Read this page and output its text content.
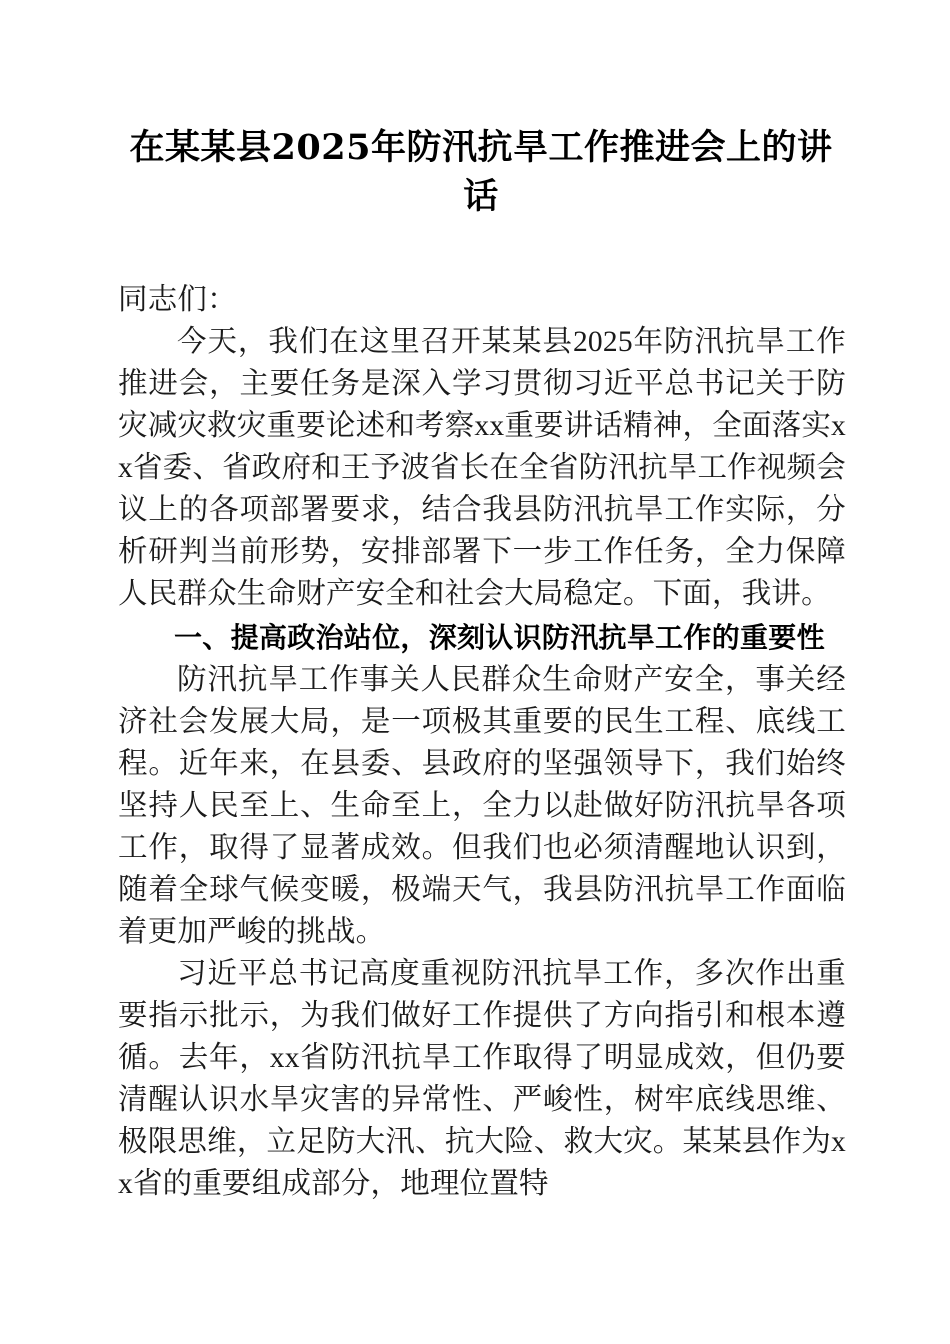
在某某县2025年防汛抗旱工作推进会上的讲话

同志们：

今天，我们在这里召开某某县2025年防汛抗旱工作推进会，主要任务是深入学习贯彻习近平总书记关于防灾减灾救灾重要论述和考察xx重要讲话精神，全面落实xx省委、省政府和王予波省长在全省防汛抗旱工作视频会议上的各项部署要求，结合我县防汛抗旱工作实际，分析研判当前形势，安排部署下一步工作任务，全力保障人民群众生命财产安全和社会大局稳定。下面，我讲。

一、提高政治站位，深刻认识防汛抗旱工作的重要性

防汛抗旱工作事关人民群众生命财产安全，事关经济社会发展大局，是一项极其重要的民生工程、底线工程。近年来，在县委、县政府的坚强领导下，我们始终坚持人民至上、生命至上，全力以赴做好防汛抗旱各项工作，取得了显著成效。但我们也必须清醒地认识到，随着全球气候变暖，极端天气，我县防汛抗旱工作面临着更加严峻的挑战。

习近平总书记高度重视防汛抗旱工作，多次作出重要指示批示，为我们做好工作提供了方向指引和根本遵循。去年，xx省防汛抗旱工作取得了明显成效，但仍要清醒认识水旱灾害的异常性、严峻性，树牢底线思维、极限思维，立足防大汛、抗大险、救大灾。某某县作为xx省的重要组成部分，地理位置特
